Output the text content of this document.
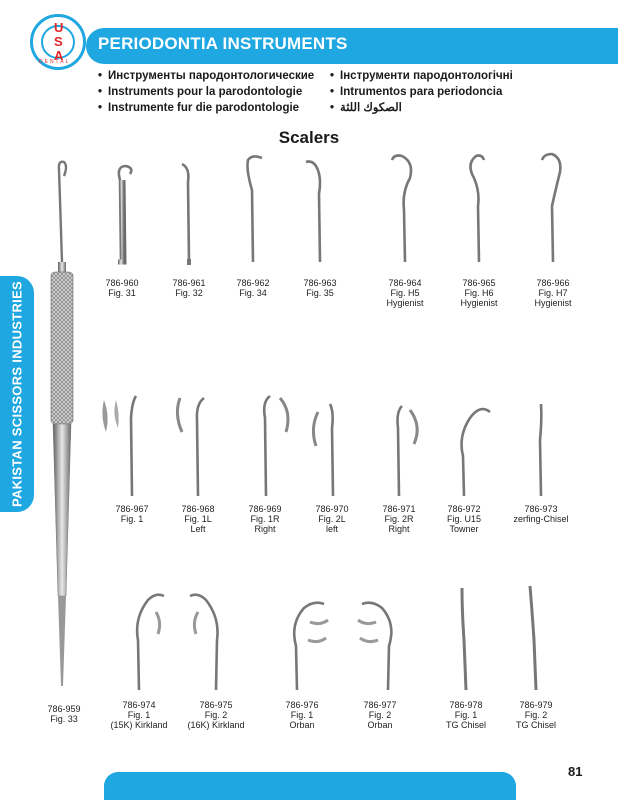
PERIODONTIA INSTRUMENTS
U
S
A
DENTAL
• Инструменты пародонтологические
• Instruments pour la parodontologie
• Instrumente fur die parodontologie
• Інструменти пародонтологічні
• Intrumentos para periodoncia
• الصكوك اللثة
Scalers
PAKISTAN SCISSORS INDUSTRIES
786-959
Fig. 33
786-960
Fig. 31
786-961
Fig. 32
786-962
Fig. 34
786-963
Fig. 35
786-964
Fig. H5
Hygienist
786-965
Fig. H6
Hygienist
786-966
Fig. H7
Hygienist
786-967
Fig. 1
786-968
Fig. 1L
Left
786-969
Fig. 1R
Right
786-970
Fig. 2L
left
786-971
Fig. 2R
Right
786-972
Fig. U15
Towner
786-973
zerfing-Chisel
786-974
Fig. 1
(15K) Kirkland
786-975
Fig. 2
(16K) Kirkland
786-976
Fig. 1
Orban
786-977
Fig. 2
Orban
786-978
Fig. 1
TG Chisel
786-979
Fig. 2
TG Chisel
81
